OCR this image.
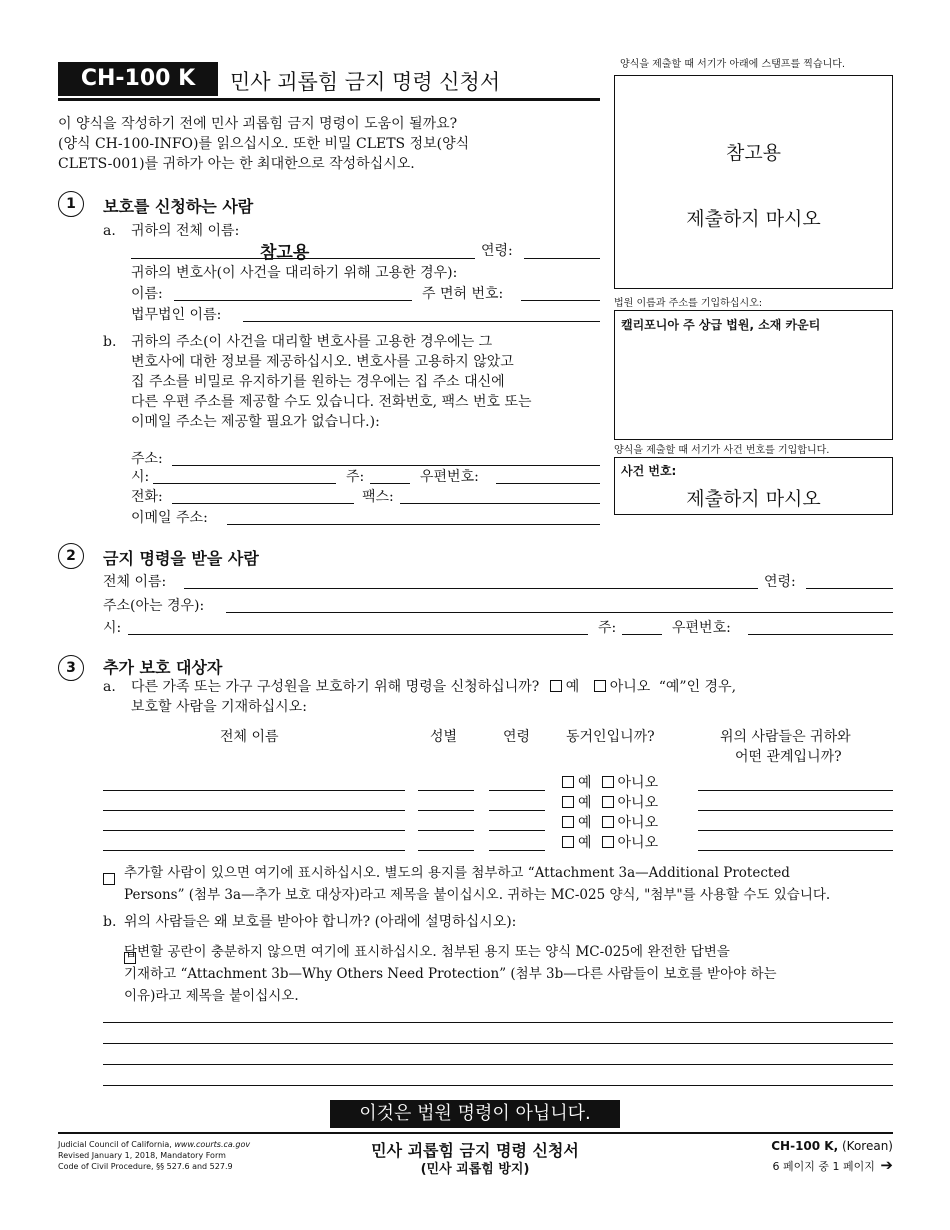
CH-100 K	민사 괴롭힘 금지 명령 신청서
양식을 제출할 때 서기가 아래에 스탬프를 찍습니다.
이 양식을 작성하기 전에 민사 괴롭힘 금지 명령이 도움이 될까요?
(양식 CH-100-INFO)를 읽으십시오. 또한 비밀 CLETS 정보(양식
CLETS-001)를 귀하가 아는 한 최대한으로 작성하십시오.	참고용
제출하지 마시오
법원 이름과 주소를 기입하십시오:
캘리포니아 주 상급 법원, 소재 카운티
양식을 제출할 때 서기가 사건 번호를 기입합니다.
사건 번호:
제출하지 마시오
1	보호를 신청하는 사람
a. 귀하의 전체 이름:
참고용	연령:
귀하의 변호사(이 사건을 대리하기 위해 고용한 경우):
이름:	주 면허 번호:
법무법인 이름:
b. 귀하의 주소(이 사건을 대리할 변호사를 고용한 경우에는 그
변호사에 대한 정보를 제공하십시오. 변호사를 고용하지 않았고
집 주소를 비밀로 유지하기를 원하는 경우에는 집 주소 대신에
다른 우편 주소를 제공할 수도 있습니다. 전화번호, 팩스 번호 또는
이메일 주소는 제공할 필요가 없습니다.):
주소:
시:	주:	우편번호:
전화:	팩스:
이메일 주소:
2	금지 명령을 받을 사람
전체 이름:	연령:
주소(아는 경우):
시:	주:	우편번호:
3	추가 보호 대상자
a. 다른 가족 또는 가구 구성원을 보호하기 위해 명령을 신청하십니까? 예 아니오 “예”인 경우,
보호할 사람을 기재하십시오:
전체 이름	성별	연령	동거인입니까?	위의 사람들은 귀하와
어떤 관계입니까?
예 아니오
예 아니오
예 아니오
예 아니오

추가할 사람이 있으면 여기에 표시하십시오. 별도의 용지를 첨부하고 “Attachment 3a—Additional Protected
Persons” (첨부 3a—추가 보호 대상자)라고 제목을 붙이십시오. 귀하는 MC-025 양식, "첨부"를 사용할 수도 있습니다.
b. 위의 사람들은 왜 보호를 받아야 합니까? (아래에 설명하십시오):
답변할 공란이 충분하지 않으면 여기에 표시하십시오. 첨부된 용지 또는 양식 MC-025에 완전한 답변을
기재하고 “Attachment 3b—Why Others Need Protection” (첨부 3b—다른 사람들이 보호를 받아야 하는
이유)라고 제목을 붙이십시오.
이것은 법원 명령이 아닙니다.
Judicial Council of California, www.courts.ca.gov
Revised January 1, 2018, Mandatory Form
Code of Civil Procedure, §§ 527.6 and 527.9
민사 괴롭힘 금지 명령 신청서
(민사 괴롭힘 방지)
CH-100 K, (Korean)
6 페이지 중 1 페이지 ➔
